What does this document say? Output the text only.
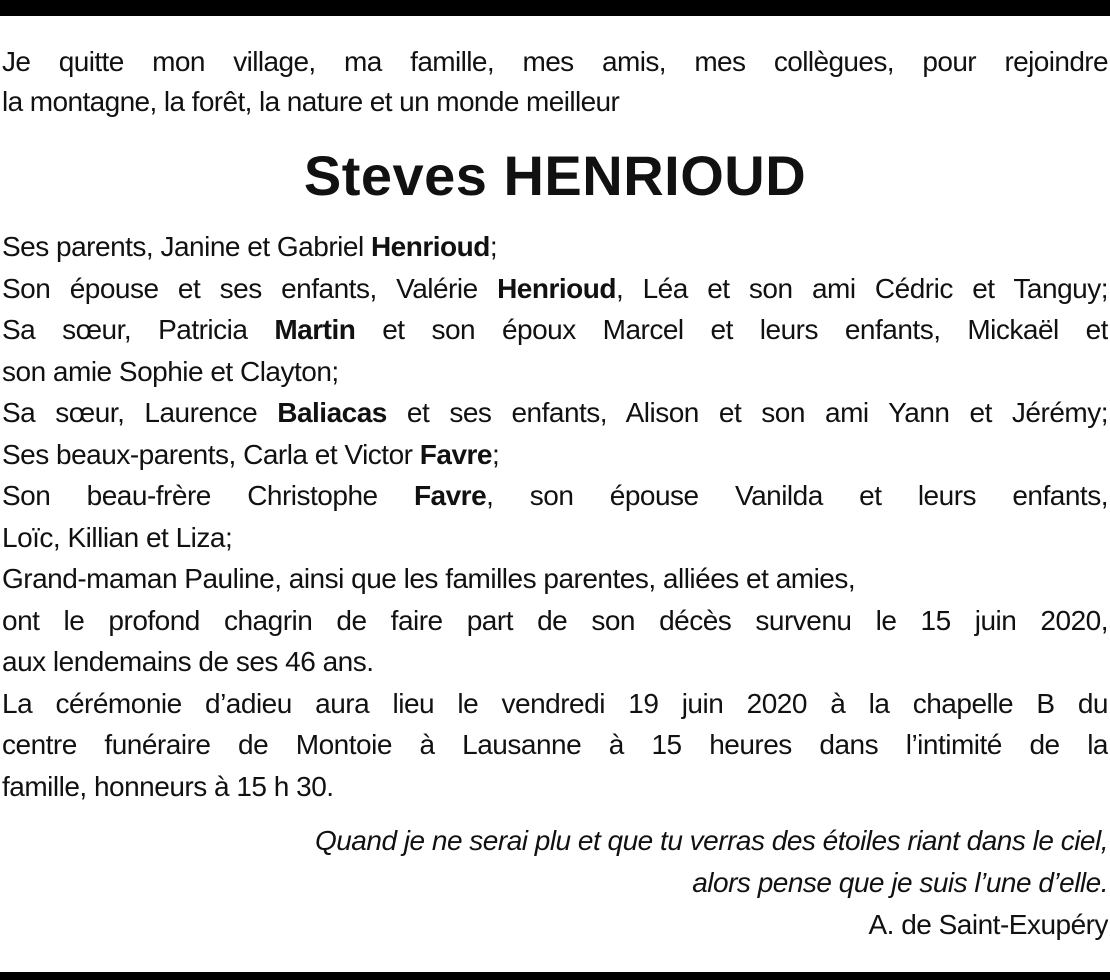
Je quitte mon village, ma famille, mes amis, mes collègues, pour rejoindre
la montagne, la forêt, la nature et un monde meilleur
Steves HENRIOUD
Ses parents, Janine et Gabriel Henrioud;
Son épouse et ses enfants, Valérie Henrioud, Léa et son ami Cédric et Tanguy;
Sa sœur, Patricia Martin et son époux Marcel et leurs enfants, Mickaël et
son amie Sophie et Clayton;
Sa sœur, Laurence Baliacas et ses enfants, Alison et son ami Yann et Jérémy;
Ses beaux-parents, Carla et Victor Favre;
Son beau-frère Christophe Favre, son épouse Vanilda et leurs enfants,
Loïc, Killian et Liza;
Grand-maman Pauline, ainsi que les familles parentes, alliées et amies,
ont le profond chagrin de faire part de son décès survenu le 15 juin 2020,
aux lendemains de ses 46 ans.
La cérémonie d’adieu aura lieu le vendredi 19 juin 2020 à la chapelle B du
centre funéraire de Montoie à Lausanne à 15 heures dans l’intimité de la
famille, honneurs à 15 h 30.
Quand je ne serai plu et que tu verras des étoiles riant dans le ciel,
alors pense que je suis l’une d’elle.
A. de Saint-Exupéry
